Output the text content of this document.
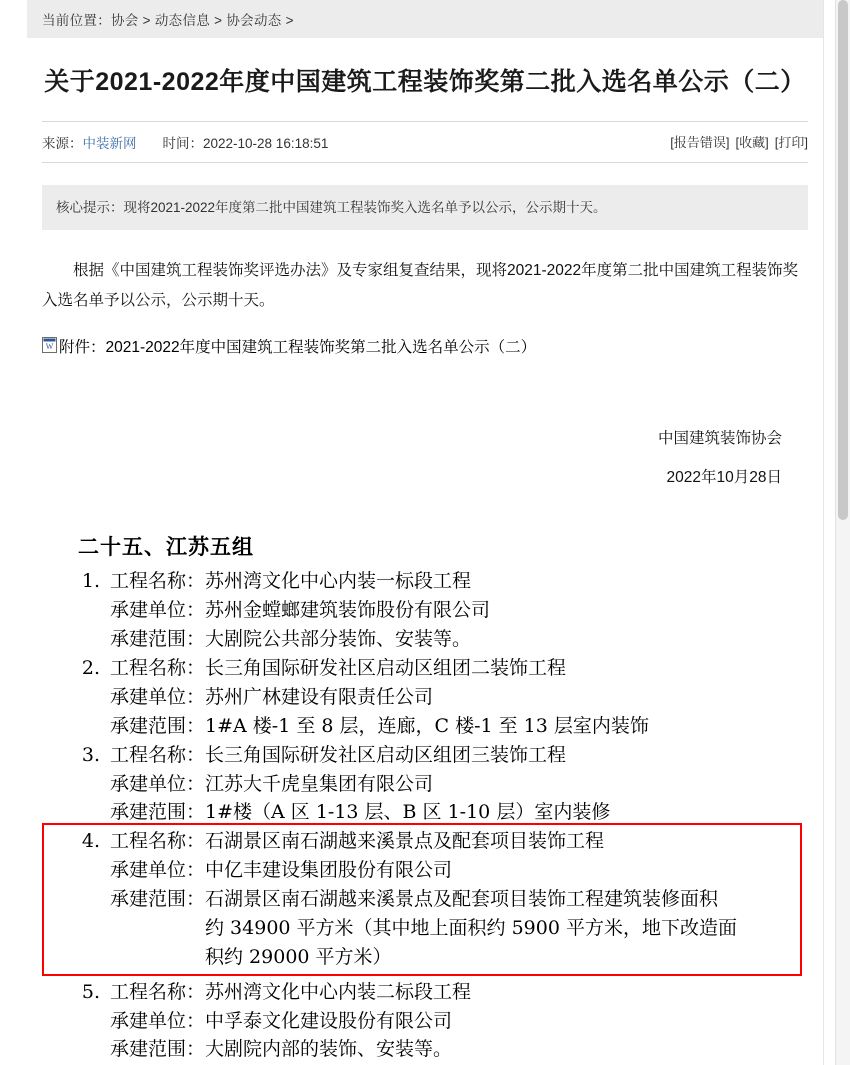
当前位置：协会 > 动态信息 > 协会动态 >
关于2021-2022年度中国建筑工程装饰奖第二批入选名单公示（二）
来源：中装新网 时间：2022-10-28 16:18:51	[报告错误] [收藏] [打印]
核心提示：现将2021-2022年度第二批中国建筑工程装饰奖入选名单予以公示，公示期十天。

根据《中国建筑工程装饰奖评选办法》及专家组复查结果，现将2021-2022年度第二批中国建筑工程装饰奖入选名单予以公示，公示期十天。

W 附件：2021-2022年度中国建筑工程装饰奖第二批入选名单公示（二）
中国建筑装饰协会
2022年10月28日
二十五、江苏五组
1. 工程名称： 苏州湾文化中心内装一标段工程
承建单位： 苏州金螳螂建筑装饰股份有限公司
承建范围： 大剧院公共部分装饰、安装等。
2. 工程名称： 长三角国际研发社区启动区组团二装饰工程
承建单位： 苏州广林建设有限责任公司
承建范围： 1#A 楼-1 至 8 层，连廊，C 楼-1 至 13 层室内装饰
3. 工程名称： 长三角国际研发社区启动区组团三装饰工程
承建单位： 江苏大千虎皇集团有限公司
承建范围： 1#楼（A 区 1-13 层、B 区 1-10 层）室内装修
4. 工程名称： 石湖景区南石湖越来溪景点及配套项目装饰工程
承建单位： 中亿丰建设集团股份有限公司
承建范围： 石湖景区南石湖越来溪景点及配套项目装饰工程建筑装修面积
约 34900 平方米（其中地上面积约 5900 平方米，地下改造面
积约 29000 平方米）
5. 工程名称： 苏州湾文化中心内装二标段工程
承建单位： 中孚泰文化建设股份有限公司
承建范围： 大剧院内部的装饰、安装等。
